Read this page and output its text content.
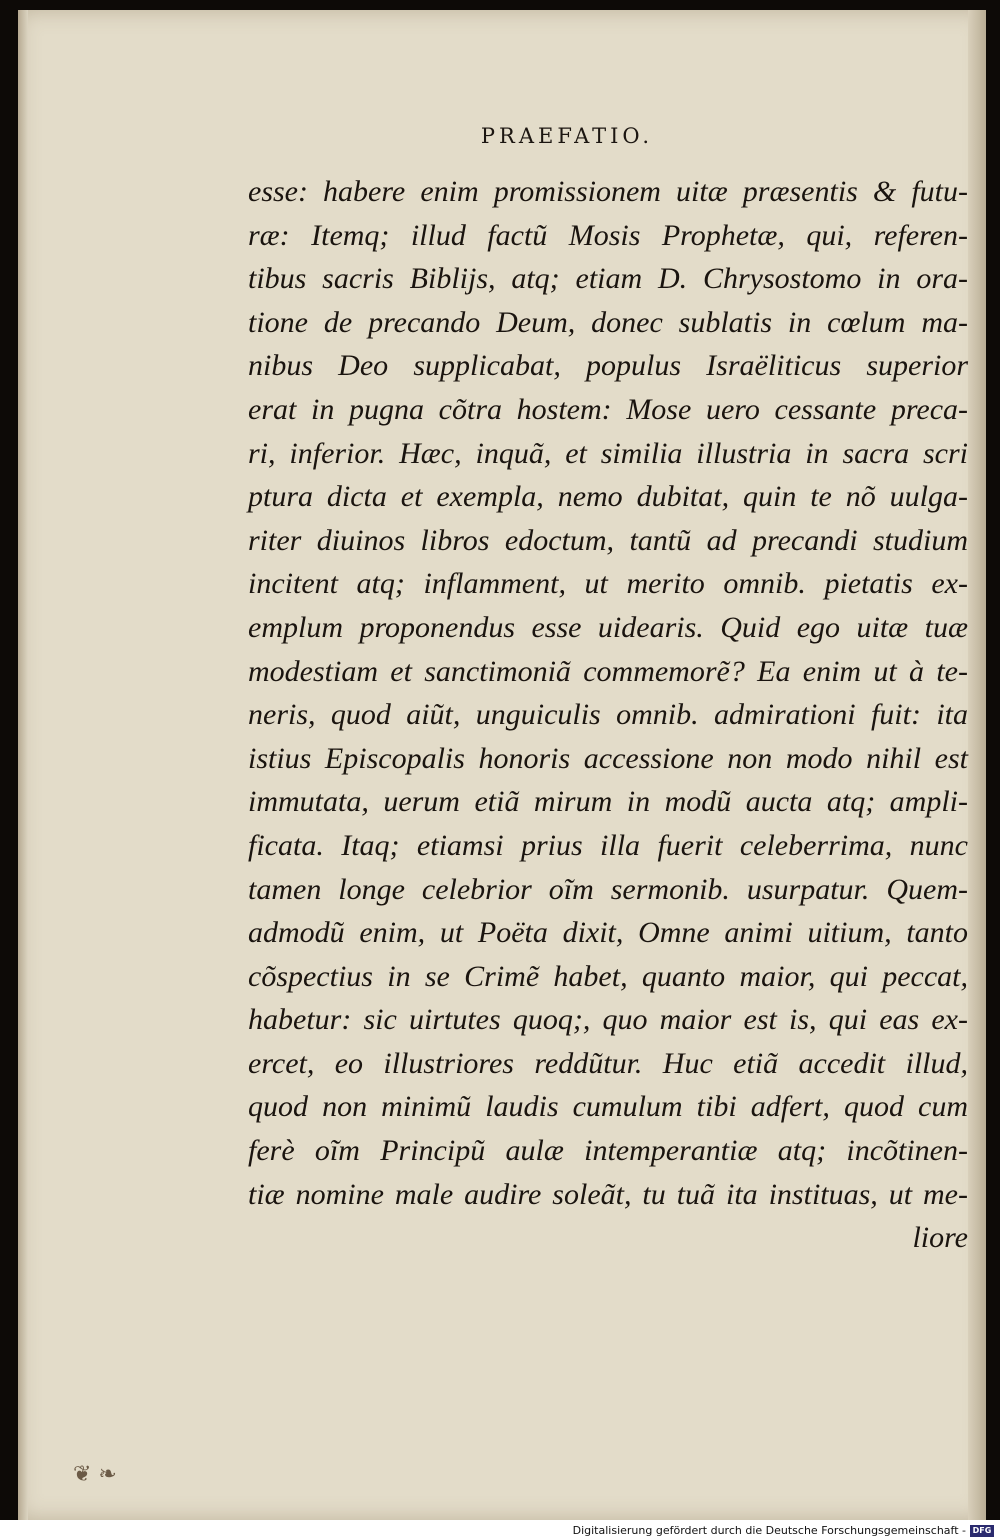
PRAEFATIO.
esse: habere enim promissionem uitæ præsentis & futu-
ræ: Itemq; illud factũ Mosis Prophetæ, qui, referen-
tibus sacris Biblijs, atq; etiam D. Chrysostomo in ora-
tione de precando Deum, donec sublatis in cœlum ma-
nibus Deo supplicabat, populus Israëliticus superior
erat in pugna cõtra hostem: Mose uero cessante preca-
ri, inferior. Hæc, inquã, et similia illustria in sacra scri
ptura dicta et exempla, nemo dubitat, quin te nõ uulga-
riter diuinos libros edoctum, tantũ ad precandi studium
incitent atq; inflamment, ut merito omnib. pietatis ex-
emplum proponendus esse uidearis. Quid ego uitæ tuæ
modestiam et sanctimoniã commemorẽ? Ea enim ut à te-
neris, quod aiũt, unguiculis omnib. admirationi fuit: ita
istius Episcopalis honoris accessione non modo nihil est
immutata, uerum etiã mirum in modũ aucta atq; ampli-
ficata. Itaq; etiamsi prius illa fuerit celeberrima, nunc
tamen longe celebrior oĩm sermonib. usurpatur. Quem-
admodũ enim, ut Poëta dixit, Omne animi uitium, tanto
cõspectius in se Crimẽ habet, quanto maior, qui peccat,
habetur: sic uirtutes quoq;, quo maior est is, qui eas ex-
ercet, eo illustriores reddũtur. Huc etiã accedit illud,
quod non minimũ laudis cumulum tibi adfert, quod cum
ferè oĩm Principũ aulæ intemperantiæ atq; incõtinen-
tiæ nomine male audire soleãt, tu tuã ita instituas, ut me-
liore
❦ ❧
Digitalisierung gefördert durch die Deutsche Forschungsgemeinschaft - DFG
